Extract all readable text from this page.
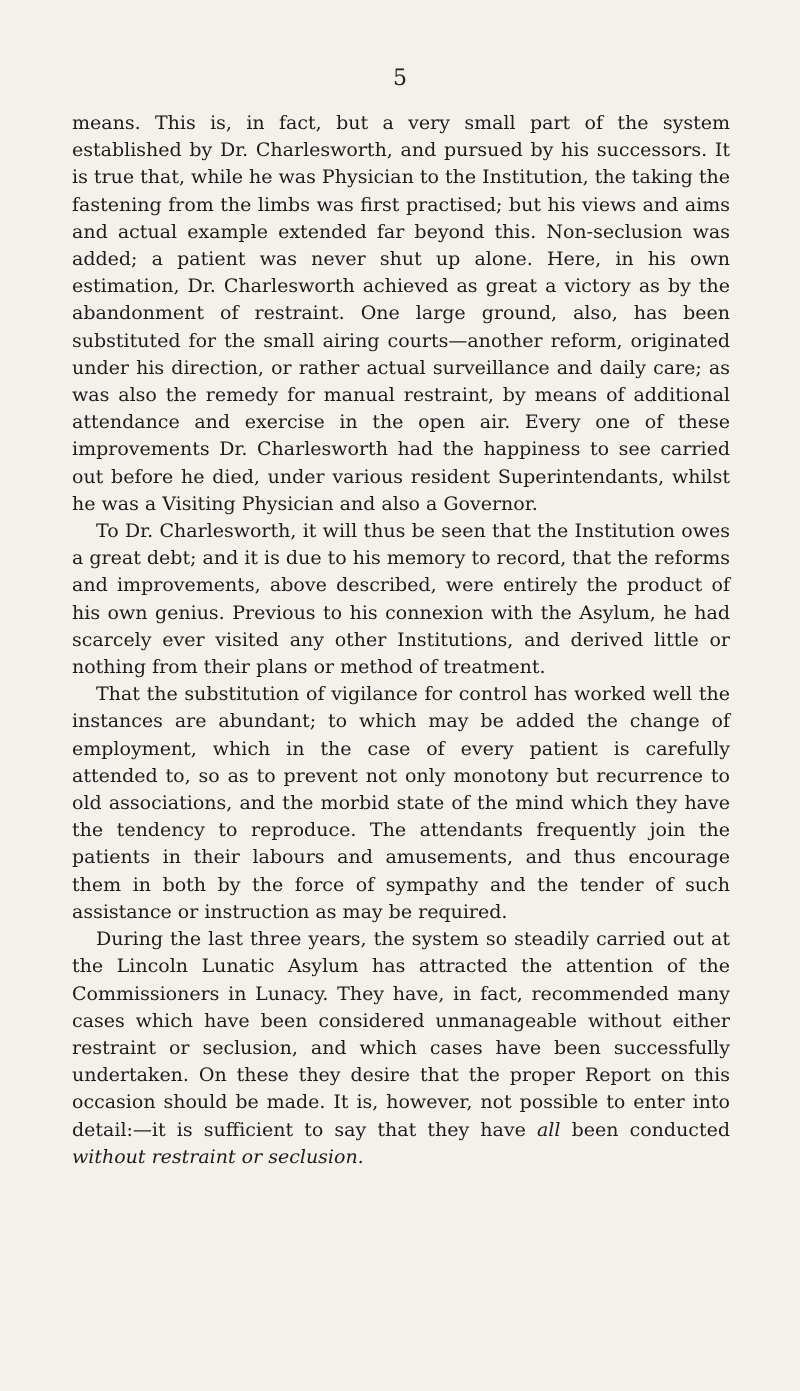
5

means. This is, in fact, but a very small part of the system established by Dr. Charlesworth, and pursued by his successors. It is true that, while he was Physician to the Institution, the taking the fastening from the limbs was first practised; but his views and aims and actual example extended far beyond this. Non-seclusion was added; a patient was never shut up alone. Here, in his own estimation, Dr. Charlesworth achieved as great a victory as by the abandonment of restraint. One large ground, also, has been substituted for the small airing courts—another reform, originated under his direction, or rather actual surveillance and daily care; as was also the remedy for manual restraint, by means of additional attendance and exercise in the open air. Every one of these improvements Dr. Charlesworth had the happiness to see carried out before he died, under various resident Superintendants, whilst he was a Visiting Physician and also a Governor.

To Dr. Charlesworth, it will thus be seen that the Institution owes a great debt; and it is due to his memory to record, that the reforms and improvements, above described, were entirely the product of his own genius. Previous to his connexion with the Asylum, he had scarcely ever visited any other Institutions, and derived little or nothing from their plans or method of treatment.

That the substitution of vigilance for control has worked well the instances are abundant; to which may be added the change of employment, which in the case of every patient is carefully attended to, so as to prevent not only monotony but recurrence to old associations, and the morbid state of the mind which they have the tendency to reproduce. The attendants frequently join the patients in their labours and amusements, and thus encourage them in both by the force of sympathy and the tender of such assistance or instruction as may be required.

During the last three years, the system so steadily carried out at the Lincoln Lunatic Asylum has attracted the attention of the Commissioners in Lunacy. They have, in fact, recommended many cases which have been considered unmanageable without either restraint or seclusion, and which cases have been successfully undertaken. On these they desire that the proper Report on this occasion should be made. It is, however, not possible to enter into detail:—it is sufficient to say that they have all been conducted without restraint or seclusion.
